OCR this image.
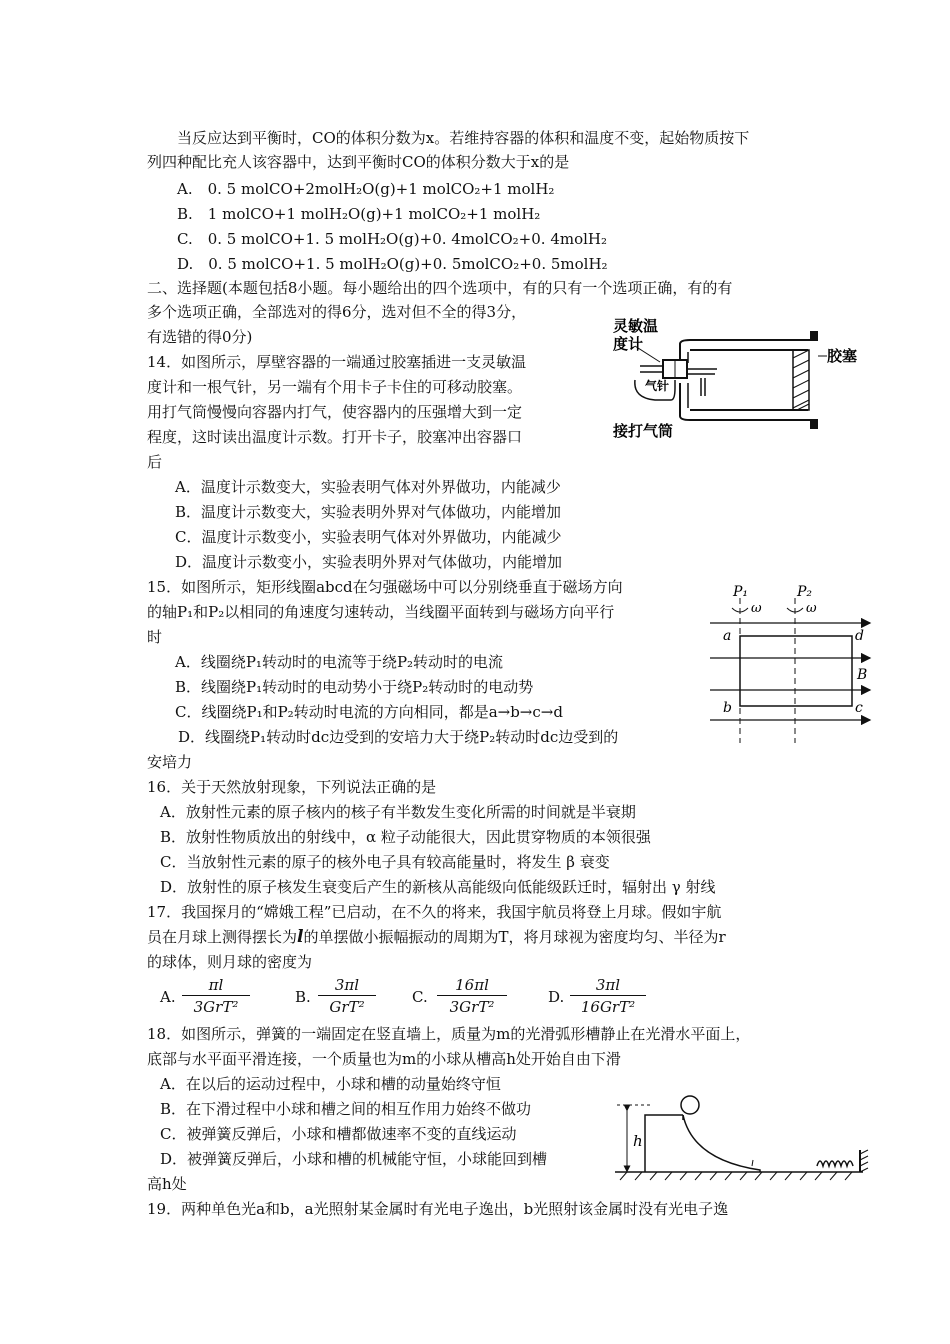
当反应达到平衡时，CO的体积分数为x。若维持容器的体积和温度不变，起始物质按下
列四种配比充人该容器中，达到平衡时CO的体积分数大于x的是
A.　0. 5 molCO+2molH₂O(g)+1 molCO₂+1 molH₂
B.　1 molCO+1 molH₂O(g)+1 molCO₂+1 molH₂
C.　0. 5 molCO+1. 5 molH₂O(g)+0. 4molCO₂+0. 4molH₂
D.　0. 5 molCO+1. 5 molH₂O(g)+0. 5molCO₂+0. 5molH₂
二、选择题(本题包括8小题。每小题给出的四个选项中，有的只有一个选项正确，有的有
多个选项正确，全部选对的得6分，选对但不全的得3分，
有选错的得0分)
14．如图所示，厚壁容器的一端通过胶塞插进一支灵敏温
度计和一根气针，另一端有个用卡子卡住的可移动胶塞。
用打气筒慢慢向容器内打气，使容器内的压强增大到一定
程度，这时读出温度计示数。打开卡子，胶塞冲出容器口
后
A．温度计示数变大，实验表明气体对外界做功，内能减少
B．温度计示数变大，实验表明外界对气体做功，内能增加
C．温度计示数变小，实验表明气体对外界做功，内能减少
D．温度计示数变小，实验表明外界对气体做功，内能增加
灵敏温
度计
气针
胶塞
接打气筒
15．如图所示，矩形线圈abcd在匀强磁场中可以分别绕垂直于磁场方向
的轴P₁和P₂以相同的角速度匀速转动，当线圈平面转到与磁场方向平行
时
A．线圈绕P₁转动时的电流等于绕P₂转动时的电流
B．线圈绕P₁转动时的电动势小于绕P₂转动时的电动势
C．线圈绕P₁和P₂转动时电流的方向相同，都是a→b→c→d
D．线圈绕P₁转动时dc边受到的安培力大于绕P₂转动时dc边受到的
安培力
P₁	P₂
ω	ω
a
b	c
d
B
16．关于天然放射现象，下列说法正确的是
A．放射性元素的原子核内的核子有半数发生变化所需的时间就是半衰期
B．放射性物质放出的射线中，α 粒子动能很大，因此贯穿物质的本领很强
C．当放射性元素的原子的核外电子具有较高能量时，将发生 β 衰变
D．放射性的原子核发生衰变后产生的新核从高能级向低能级跃迁时，辐射出 γ 射线
17．我国探月的“嫦娥工程”已启动，在不久的将来，我国宇航员将登上月球。假如宇航
员在月球上测得摆长为l的单摆做小振幅振动的周期为T，将月球视为密度均匀、半径为r
的球体，则月球的密度为
A.
πl
3GrT²
B.
3πl
GrT²
C.
16πl
3GrT²
D.
3πl
16GrT²
18．如图所示，弹簧的一端固定在竖直墙上，质量为m的光滑弧形槽静止在光滑水平面上，
底部与水平面平滑连接，一个质量也为m的小球从槽高h处开始自由下滑
A．在以后的运动过程中，小球和槽的动量始终守恒
B．在下滑过程中小球和槽之间的相互作用力始终不做功
C．被弹簧反弹后，小球和槽都做速率不变的直线运动
D．被弹簧反弹后，小球和槽的机械能守恒，小球能回到槽
高h处
h
19．两种单色光a和b，a光照射某金属时有光电子逸出，b光照射该金属时没有光电子逸
